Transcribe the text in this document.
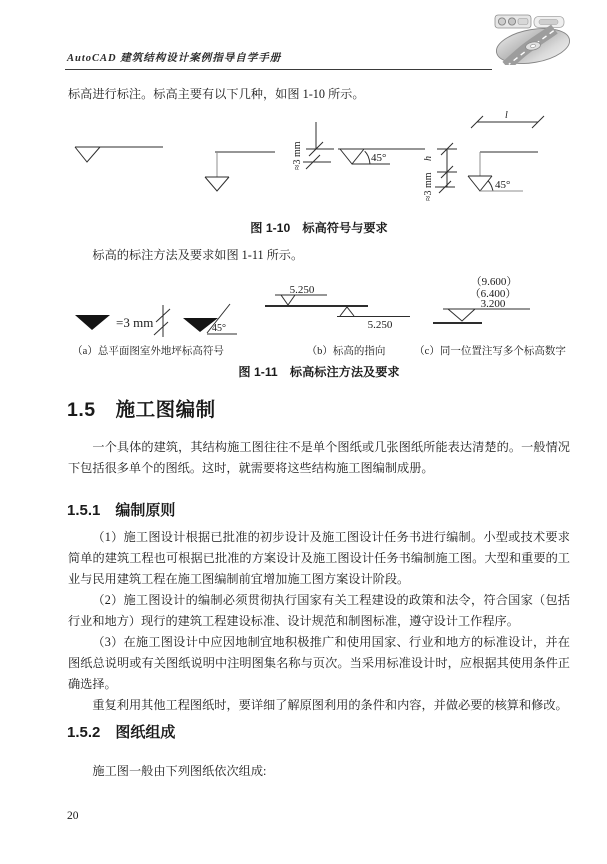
AutoCAD 建筑结构设计案例指导自学手册

标高进行标注。标高主要有以下几种，如图 1-10 所示。

≈3 mm	45°
l
h
≈3 mm	45°
图 1-10　标高符号与要求

标高的标注方法及要求如图 1-11 所示。

=3 mm	45°
（a）总平面图室外地坪标高符号
5.250
5.250
（b）标高的指向
（9.600）
（6.400）
3.200
（c）同一位置注写多个标高数字
图 1-11　标高标注方法及要求
1.5　施工图编制

一个具体的建筑，其结构施工图往往不是单个图纸或几张图纸所能表达清楚的。一般情况下包括很多单个的图纸。这时，就需要将这些结构施工图编制成册。

1.5.1　编制原则

（1）施工图设计根据已批准的初步设计及施工图设计任务书进行编制。小型或技术要求简单的建筑工程也可根据已批准的方案设计及施工图设计任务书编制施工图。大型和重要的工业与民用建筑工程在施工图编制前宜增加施工图方案设计阶段。

（2）施工图设计的编制必须贯彻执行国家有关工程建设的政策和法令，符合国家（包括行业和地方）现行的建筑工程建设标准、设计规范和制图标准，遵守设计工作程序。

（3）在施工图设计中应因地制宜地积极推广和使用国家、行业和地方的标准设计，并在图纸总说明或有关图纸说明中注明图集名称与页次。当采用标准设计时，应根据其使用条件正确选择。

重复利用其他工程图纸时，要详细了解原图利用的条件和内容，并做必要的核算和修改。

1.5.2　图纸组成

施工图一般由下列图纸依次组成:

20
